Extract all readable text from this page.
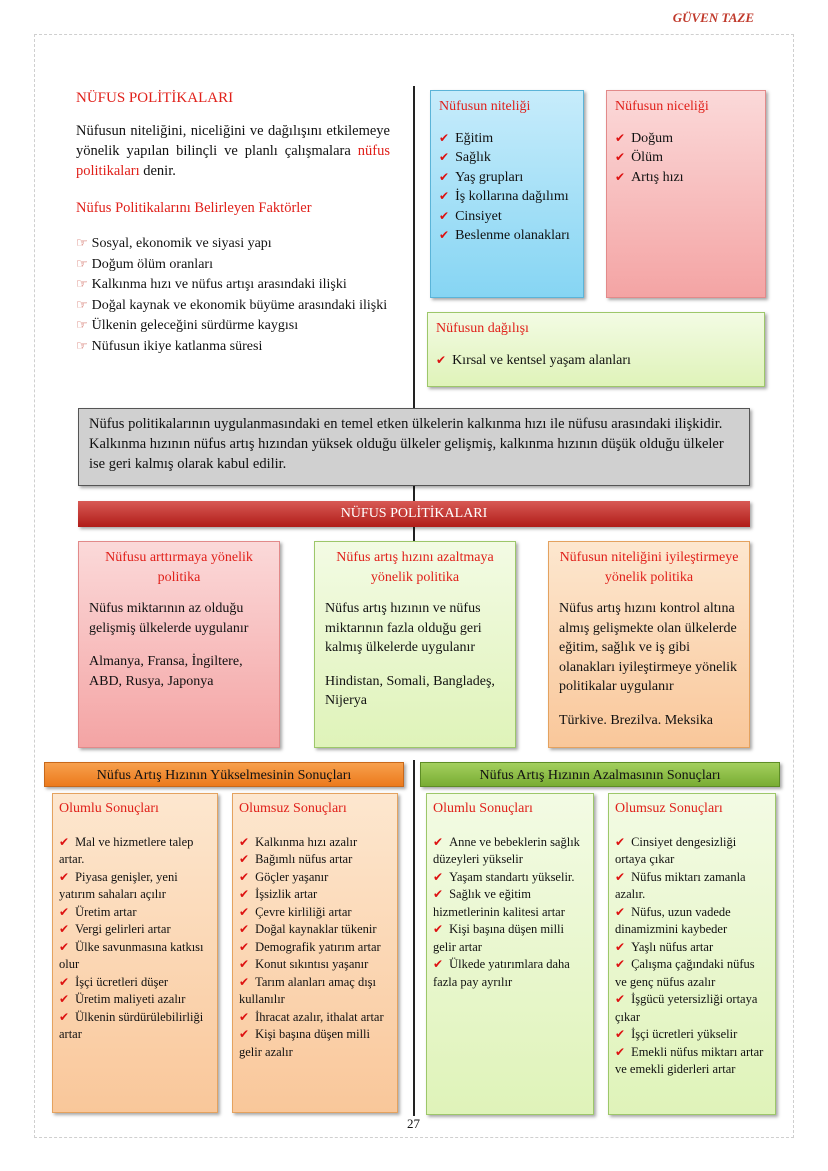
GÜVEN TAZE
NÜFUS POLİTİKALARI
Nüfusun niteliğini, niceliğini ve dağılışını etkilemeye yönelik yapılan bilinçli ve planlı çalışmalara nüfus politikaları denir.
Nüfus Politikalarını Belirleyen Faktörler
☞ Sosyal, ekonomik ve siyasi yapı
☞ Doğum ölüm oranları
☞ Kalkınma hızı ve nüfus artışı arasındaki ilişki
☞ Doğal kaynak ve ekonomik büyüme arasındaki ilişki
☞ Ülkenin geleceğini sürdürme kaygısı
☞ Nüfusun ikiye katlanma süresi
Nüfusun niteliği
✔ Eğitim
✔ Sağlık
✔ Yaş grupları
✔ İş kollarına dağılımı
✔ Cinsiyet
✔ Beslenme olanakları
Nüfusun niceliği
✔ Doğum
✔ Ölüm
✔ Artış hızı
Nüfusun dağılışı
✔ Kırsal ve kentsel yaşam alanları
Nüfus politikalarının uygulanmasındaki en temel etken ülkelerin kalkınma hızı ile nüfusu arasındaki ilişkidir. Kalkınma hızının nüfus artış hızından yüksek olduğu ülkeler gelişmiş, kalkınma hızının düşük olduğu ülkeler ise geri kalmış olarak kabul edilir.
NÜFUS POLİTİKALARI
Nüfusu arttırmaya yönelik politika
Nüfus miktarının az olduğu gelişmiş ülkelerde uygulanır
Almanya, Fransa, İngiltere, ABD, Rusya, Japonya
Nüfus artış hızını azaltmaya yönelik politika
Nüfus artış hızının ve nüfus miktarının fazla olduğu geri kalmış ülkelerde uygulanır
Hindistan, Somali, Bangladeş, Nijerya
Nüfusun niteliğini iyileştirmeye yönelik politika
Nüfus artış hızını kontrol altına almış gelişmekte olan ülkelerde eğitim, sağlık ve iş gibi olanakları iyileştirmeye yönelik politikalar uygulanır
Türkive. Brezilva. Meksika
Nüfus Artış Hızının Yükselmesinin Sonuçları	Nüfus Artış Hızının Azalmasının Sonuçları
Olumlu Sonuçları
✔ Mal ve hizmetlere talep artar.
✔ Piyasa genişler, yeni yatırım sahaları açılır
✔ Üretim artar
✔ Vergi gelirleri artar
✔ Ülke savunmasına katkısı olur
✔ İşçi ücretleri düşer
✔ Üretim maliyeti azalır
✔ Ülkenin sürdürülebilirliği artar
Olumsuz Sonuçları
✔ Kalkınma hızı azalır
✔ Bağımlı nüfus artar
✔ Göçler yaşanır
✔ İşsizlik artar
✔ Çevre kirliliği artar
✔ Doğal kaynaklar tükenir
✔ Demografik yatırım artar
✔ Konut sıkıntısı yaşanır
✔ Tarım alanları amaç dışı kullanılır
✔ İhracat azalır, ithalat artar
✔ Kişi başına düşen milli gelir azalır
Olumlu Sonuçları
✔ Anne ve bebeklerin sağlık düzeyleri yükselir
✔ Yaşam standartı yükselir.
✔ Sağlık ve eğitim hizmetlerinin kalitesi artar
✔ Kişi başına düşen milli gelir artar
✔ Ülkede yatırımlara daha fazla pay ayrılır
Olumsuz Sonuçları
✔ Cinsiyet dengesizliği ortaya çıkar
✔ Nüfus miktarı zamanla azalır.
✔ Nüfus, uzun vadede dinamizmini kaybeder
✔ Yaşlı nüfus artar
✔ Çalışma çağındaki nüfus ve genç nüfus azalır
✔ İşgücü yetersizliği ortaya çıkar
✔ İşçi ücretleri yükselir
✔ Emekli nüfus miktarı artar ve emekli giderleri artar
27
